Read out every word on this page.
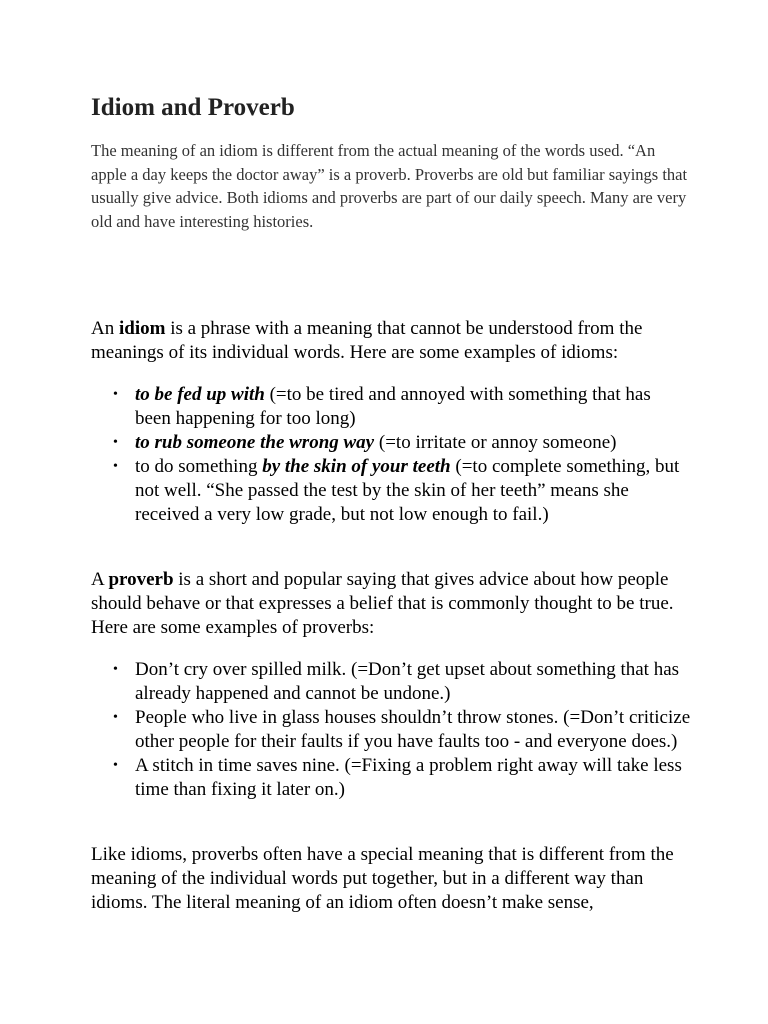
Idiom and Proverb

The meaning of an idiom is different from the actual meaning of the words used. “An apple a day keeps the doctor away” is a proverb. Proverbs are old but familiar sayings that usually give advice. Both idioms and proverbs are part of our daily speech. Many are very old and have interesting histories.

An idiom is a phrase with a meaning that cannot be understood from the meanings of its individual words. Here are some examples of idioms:

• to be fed up with (=to be tired and annoyed with something that has been happening for too long)
• to rub someone the wrong way (=to irritate or annoy someone)
• to do something by the skin of your teeth (=to complete something, but not well. “She passed the test by the skin of her teeth” means she received a very low grade, but not low enough to fail.)

A proverb is a short and popular saying that gives advice about how people should behave or that expresses a belief that is commonly thought to be true. Here are some examples of proverbs:

• Don’t cry over spilled milk. (=Don’t get upset about something that has already happened and cannot be undone.)
• People who live in glass houses shouldn’t throw stones. (=Don’t criticize other people for their faults if you have faults too - and everyone does.)
• A stitch in time saves nine. (=Fixing a problem right away will take less time than fixing it later on.)

Like idioms, proverbs often have a special meaning that is different from the meaning of the individual words put together, but in a different way than idioms. The literal meaning of an idiom often doesn’t make sense,
